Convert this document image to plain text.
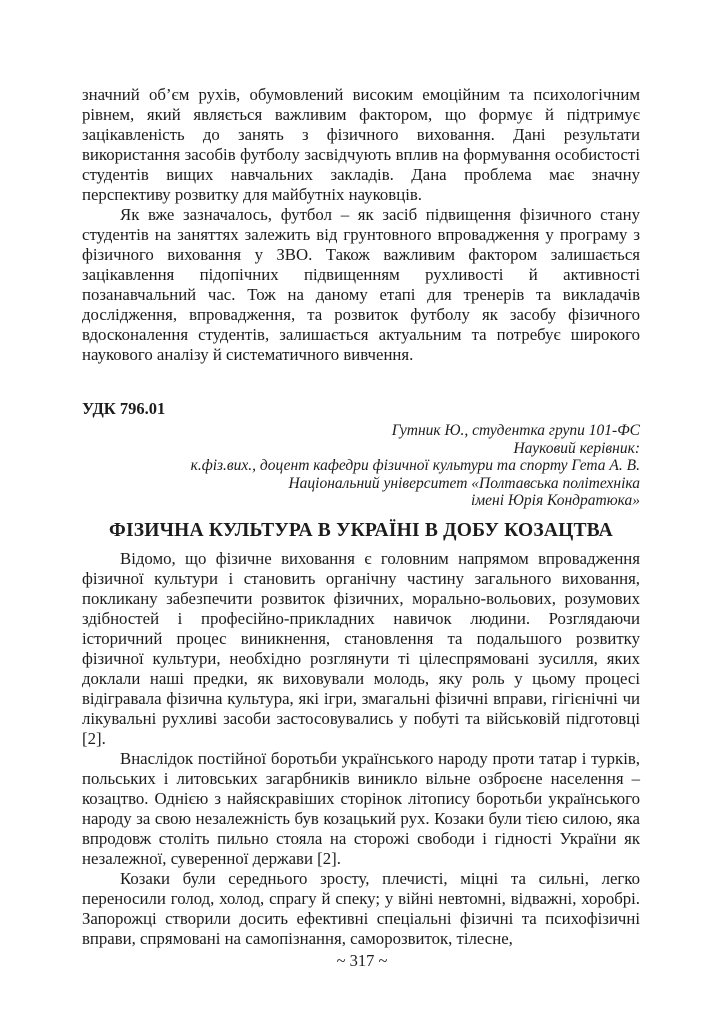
значний об’єм рухів, обумовлений високим емоційним та психологічним рівнем, який являється важливим фактором, що формує й підтримує зацікавленість до занять з фізичного виховання. Дані результати використання засобів футболу засвідчують вплив на формування особистості студентів вищих навчальних закладів. Дана проблема має значну перспективу розвитку для майбутніх науковців.

Як вже зазначалось, футбол – як засіб підвищення фізичного стану студентів на заняттях залежить від грунтовного впровадження у програму з фізичного виховання у ЗВО. Також важливим фактором залишається зацікавлення підопічних підвищенням рухливості й активності позанавчальний час. Тож на даному етапі для тренерів та викладачів дослідження, впровадження, та розвиток футболу як засобу фізичного вдосконалення студентів, залишається актуальним та потребує широкого наукового аналізу й систематичного вивчення.

УДК 796.01

Гутник Ю., студентка групи 101-ФС
Науковий керівник:
к.фіз.вих., доцент кафедри фізичної культури та спорту Гета А. В.
Національний університет «Полтавська політехніка
імені Юрія Кондратюка»
ФІЗИЧНА КУЛЬТУРА В УКРАЇНІ В ДОБУ КОЗАЦТВА

Відомо, що фізичне виховання є головним напрямом впровадження фізичної культури і становить органічну частину загального виховання, покликану забезпечити розвиток фізичних, морально-вольових, розумових здібностей і професійно-прикладних навичок людини. Розглядаючи історичний процес виникнення, становлення та подальшого розвитку фізичної культури, необхідно розглянути ті цілеспрямовані зусилля, яких доклали наші предки, як виховували молодь, яку роль у цьому процесі відігравала фізична культура, які ігри, змагальні фізичні вправи, гігієнічні чи лікувальні рухливі засоби застосовувались у побуті та військовій підготовці [2].

Внаслідок постійної боротьби українського народу проти татар і турків, польських і литовських загарбників виникло вільне озброєне населення – козацтво. Однією з найяскравіших сторінок літопису боротьби українського народу за свою незалежність був козацький рух. Козаки були тією силою, яка впродовж століть пильно стояла на сторожі свободи і гідності України як незалежної, суверенної держави [2].

Козаки були середнього зросту, плечисті, міцні та сильні, легко переносили голод, холод, спрагу й спеку; у війні невтомні, відважні, хоробрі. Запорожці створили досить ефективні спеціальні фізичні та психофізичні вправи, спрямовані на самопізнання, саморозвиток, тілесне,

~ 317 ~
